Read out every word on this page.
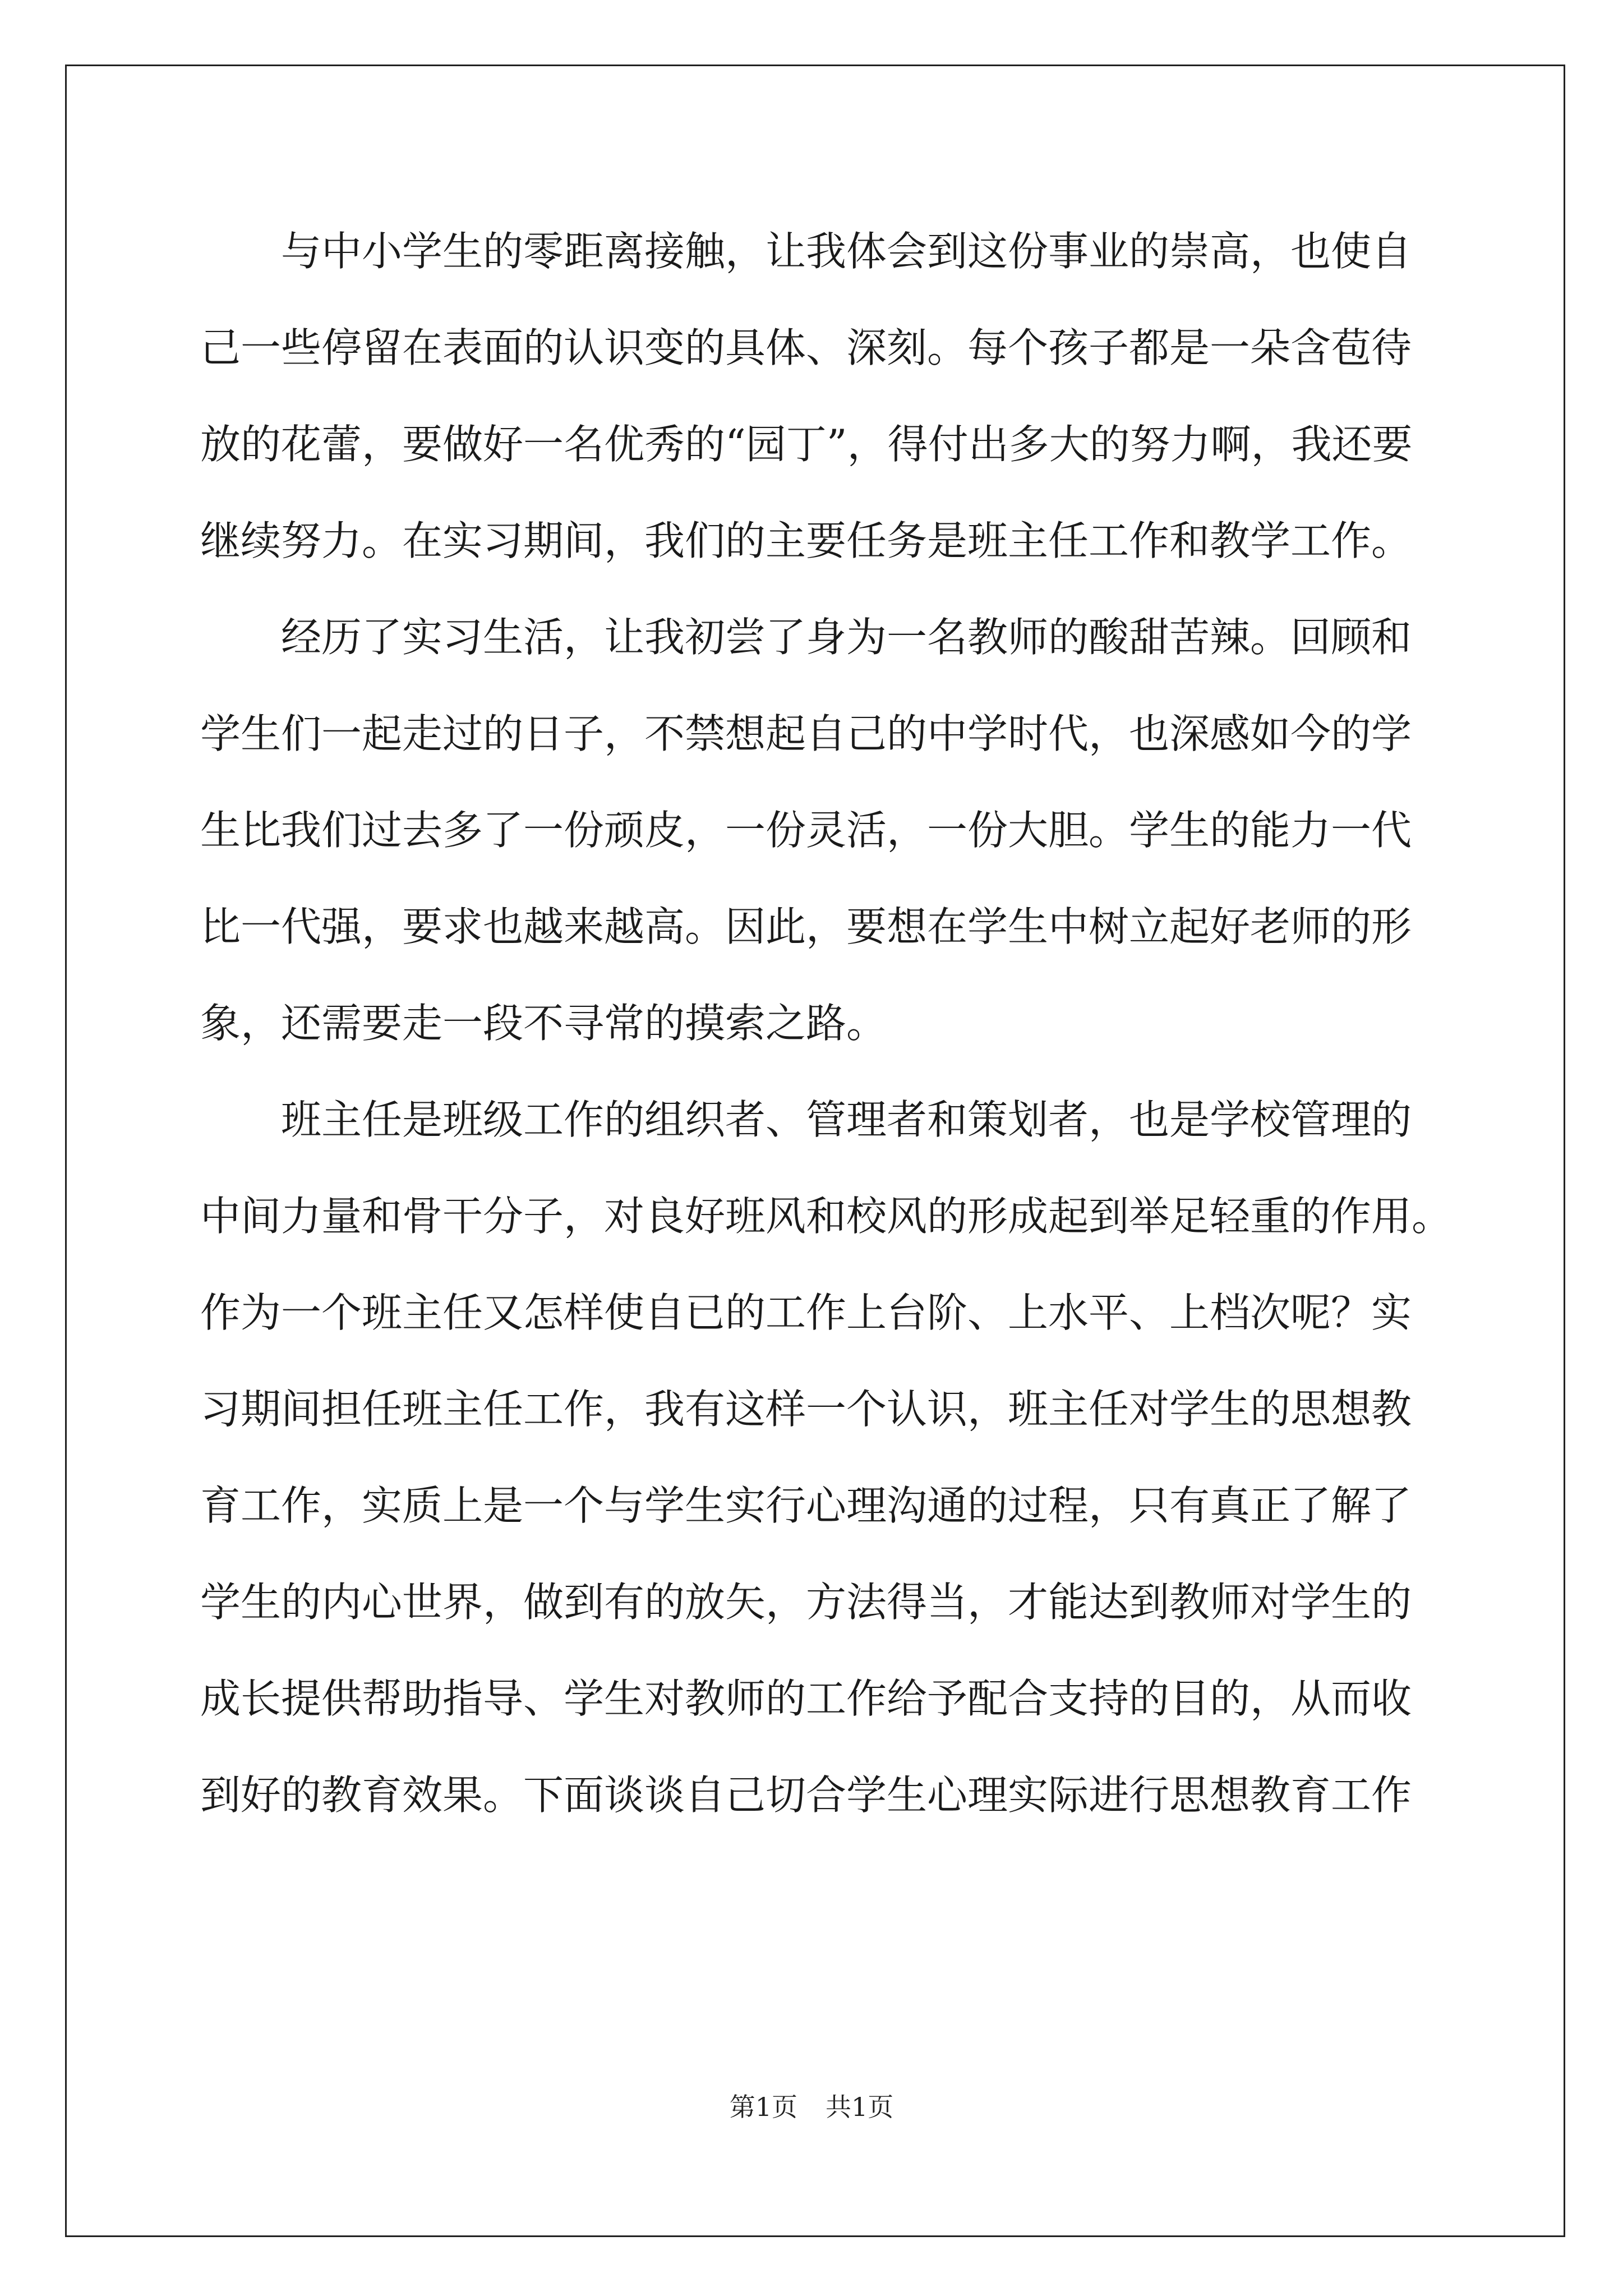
与中小学生的零距离接触，让我体会到这份事业的崇高，也使自
己一些停留在表面的认识变的具体、深刻。每个孩子都是一朵含苞待
放的花蕾，要做好一名优秀的“园丁”，得付出多大的努力啊，我还要
继续努力。在实习期间，我们的主要任务是班主任工作和教学工作。
经历了实习生活，让我初尝了身为一名教师的酸甜苦辣。回顾和
学生们一起走过的日子，不禁想起自己的中学时代，也深感如今的学
生比我们过去多了一份顽皮，一份灵活，一份大胆。学生的能力一代
比一代强，要求也越来越高。因此，要想在学生中树立起好老师的形
象，还需要走一段不寻常的摸索之路。
班主任是班级工作的组织者、管理者和策划者，也是学校管理的
中间力量和骨干分子，对良好班风和校风的形成起到举足轻重的作用。
作为一个班主任又怎样使自已的工作上台阶、上水平、上档次呢？实
习期间担任班主任工作，我有这样一个认识，班主任对学生的思想教
育工作，实质上是一个与学生实行心理沟通的过程，只有真正了解了
学生的内心世界，做到有的放矢，方法得当，才能达到教师对学生的
成长提供帮助指导、学生对教师的工作给予配合支持的目的，从而收
到好的教育效果。下面谈谈自己切合学生心理实际进行思想教育工作
第1页 共1页
